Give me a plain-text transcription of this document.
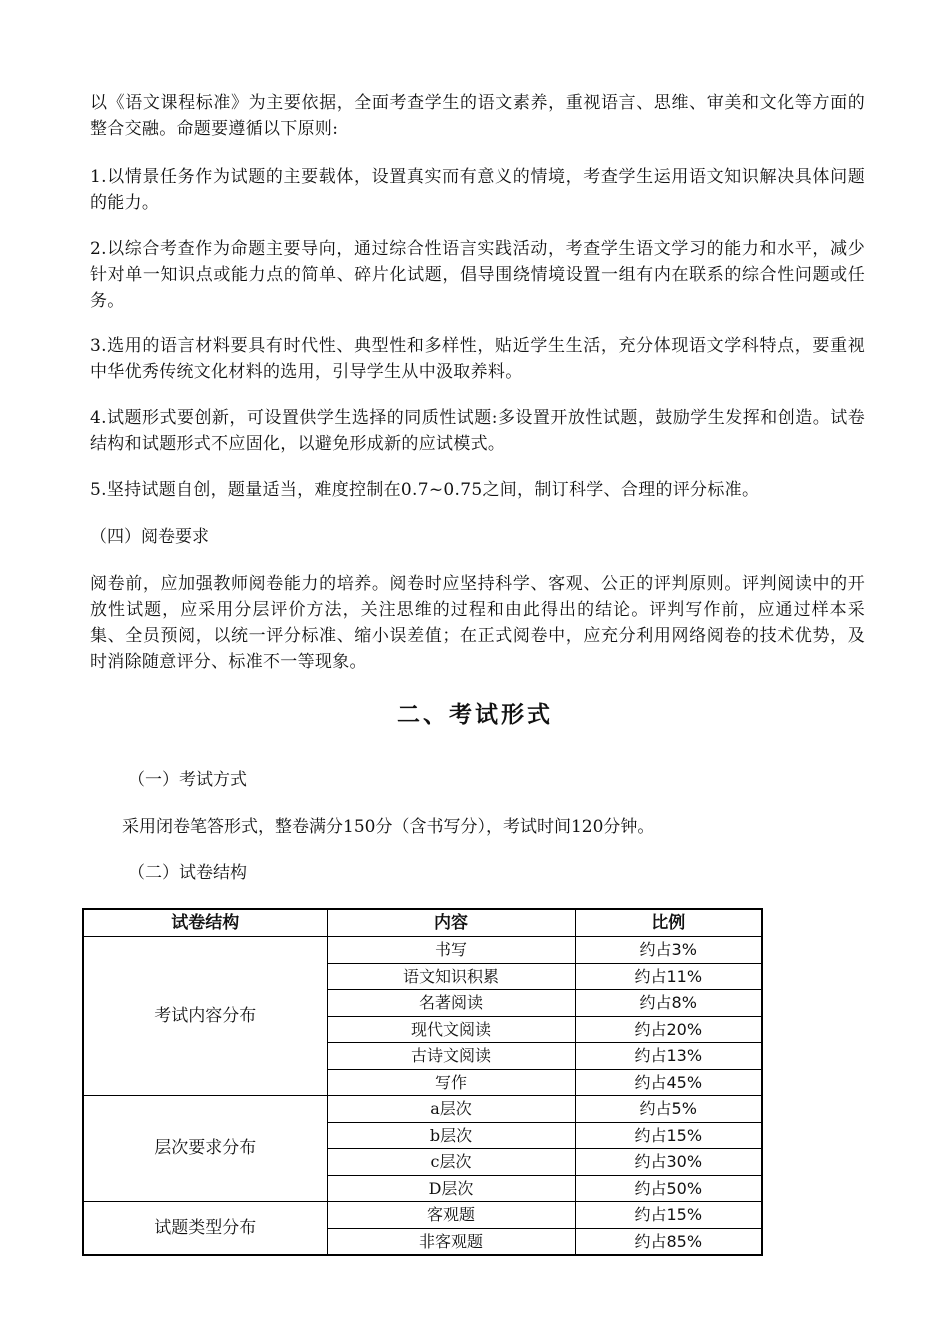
以《语文课程标准》为主要依据，全面考查学生的语文素养，重视语言、思维、审美和文化等方面的整合交融。命题要遵循以下原则:

1.以情景任务作为试题的主要载体，设置真实而有意义的情境，考查学生运用语文知识解决具体问题的能力。

2.以综合考查作为命题主要导向，通过综合性语言实践活动，考查学生语文学习的能力和水平，减少针对单一知识点或能力点的简单、碎片化试题，倡导围绕情境设置一组有内在联系的综合性问题或任务。

3.选用的语言材料要具有时代性、典型性和多样性，贴近学生生活，充分体现语文学科特点，要重视中华优秀传统文化材料的选用，引导学生从中汲取养料。

4.试题形式要创新，可设置供学生选择的同质性试题:多设置开放性试题，鼓励学生发挥和创造。试卷结构和试题形式不应固化，以避免形成新的应试模式。

5.坚持试题自创，题量适当，难度控制在0.7~0.75之间，制订科学、合理的评分标准。

（四）阅卷要求

阅卷前，应加强教师阅卷能力的培养。阅卷时应坚持科学、客观、公正的评判原则。评判阅读中的开放性试题，应采用分层评价方法，关注思维的过程和由此得出的结论。评判写作前，应通过样本采集、全员预阅，以统一评分标准、缩小误差值；在正式阅卷中，应充分利用网络阅卷的技术优势，及时消除随意评分、标准不一等现象。

二、考试形式

（一）考试方式

采用闭卷笔答形式，整卷满分150分（含书写分），考试时间120分钟。

（二）试卷结构

试卷结构	内容	比例
考试内容分布	书写	约占3%
	语文知识积累	约占11%
	名著阅读	约占8%
	现代文阅读	约占20%
	古诗文阅读	约占13%
	写作	约占45%
层次要求分布	a层次	约占5%
	b层次	约占15%
	c层次	约占30%
	D层次	约占50%
试题类型分布	客观题	约占15%
	非客观题	约占85%
